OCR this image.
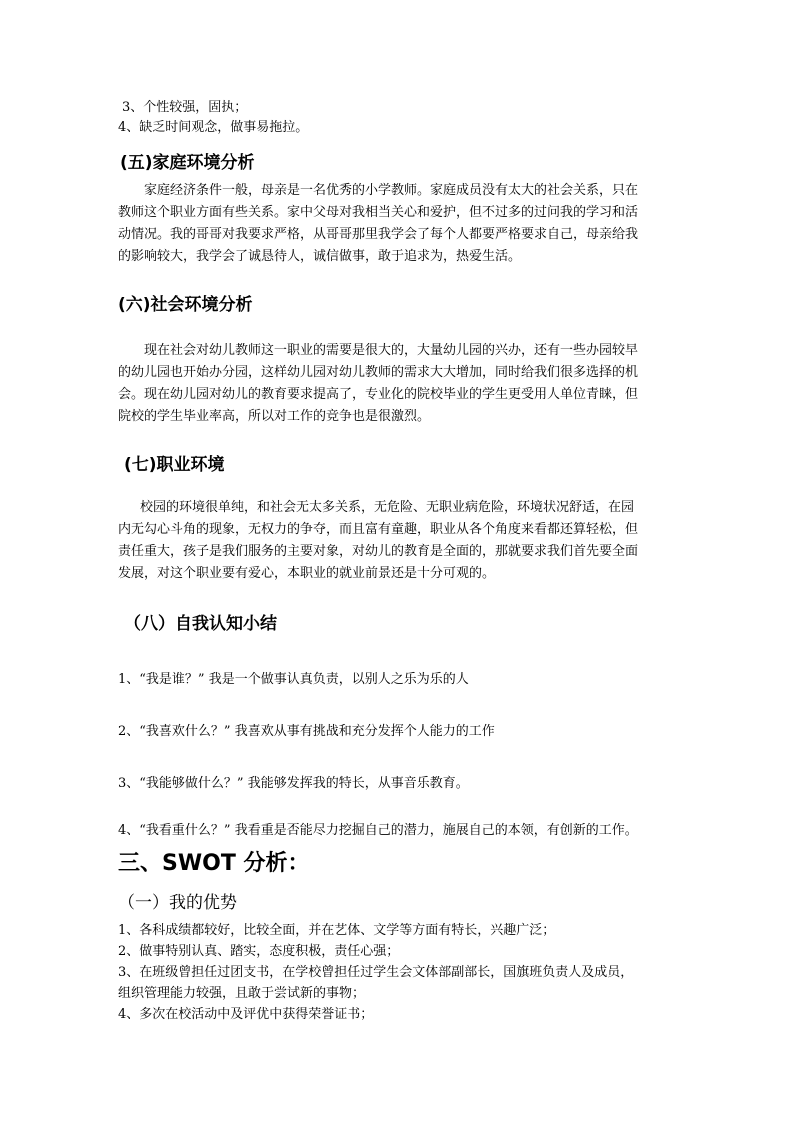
3、个性较强，固执；
4、缺乏时间观念，做事易拖拉。
(五)家庭环境分析
家庭经济条件一般，母亲是一名优秀的小学教师。家庭成员没有太大的社会关系，只在
教师这个职业方面有些关系。家中父母对我相当关心和爱护，但不过多的过问我的学习和活
动情况。我的哥哥对我要求严格，从哥哥那里我学会了每个人都要严格要求自己，母亲给我
的影响较大，我学会了诚恳待人，诚信做事，敢于追求为，热爱生活。
(六)社会环境分析
现在社会对幼儿教师这一职业的需要是很大的，大量幼儿园的兴办，还有一些办园较早
的幼儿园也开始办分园，这样幼儿园对幼儿教师的需求大大增加，同时给我们很多选择的机
会。现在幼儿园对幼儿的教育要求提高了，专业化的院校毕业的学生更受用人单位青睐，但
院校的学生毕业率高，所以对工作的竞争也是很激烈。
(七)职业环境
校园的环境很单纯，和社会无太多关系，无危险、无职业病危险，环境状况舒适，在园
内无勾心斗角的现象，无权力的争夺，而且富有童趣，职业从各个角度来看都还算轻松，但
责任重大，孩子是我们服务的主要对象，对幼儿的教育是全面的，那就要求我们首先要全面
发展，对这个职业要有爱心，本职业的就业前景还是十分可观的。
（八）自我认知小结
1、“我是谁？” 我是一个做事认真负责，以别人之乐为乐的人
2、“我喜欢什么？” 我喜欢从事有挑战和充分发挥个人能力的工作
3、“我能够做什么？” 我能够发挥我的特长，从事音乐教育。
4、“我看重什么？” 我看重是否能尽力挖掘自己的潜力，施展自己的本领，有创新的工作。
三、SWOT 分析：
（一）我的优势
1、各科成绩都较好，比较全面，并在艺体、文学等方面有特长，兴趣广泛；
2、做事特别认真、踏实，态度积极，责任心强；
3、在班级曾担任过团支书，在学校曾担任过学生会文体部副部长，国旗班负责人及成员，
组织管理能力较强，且敢于尝试新的事物；
4、多次在校活动中及评优中获得荣誉证书；
